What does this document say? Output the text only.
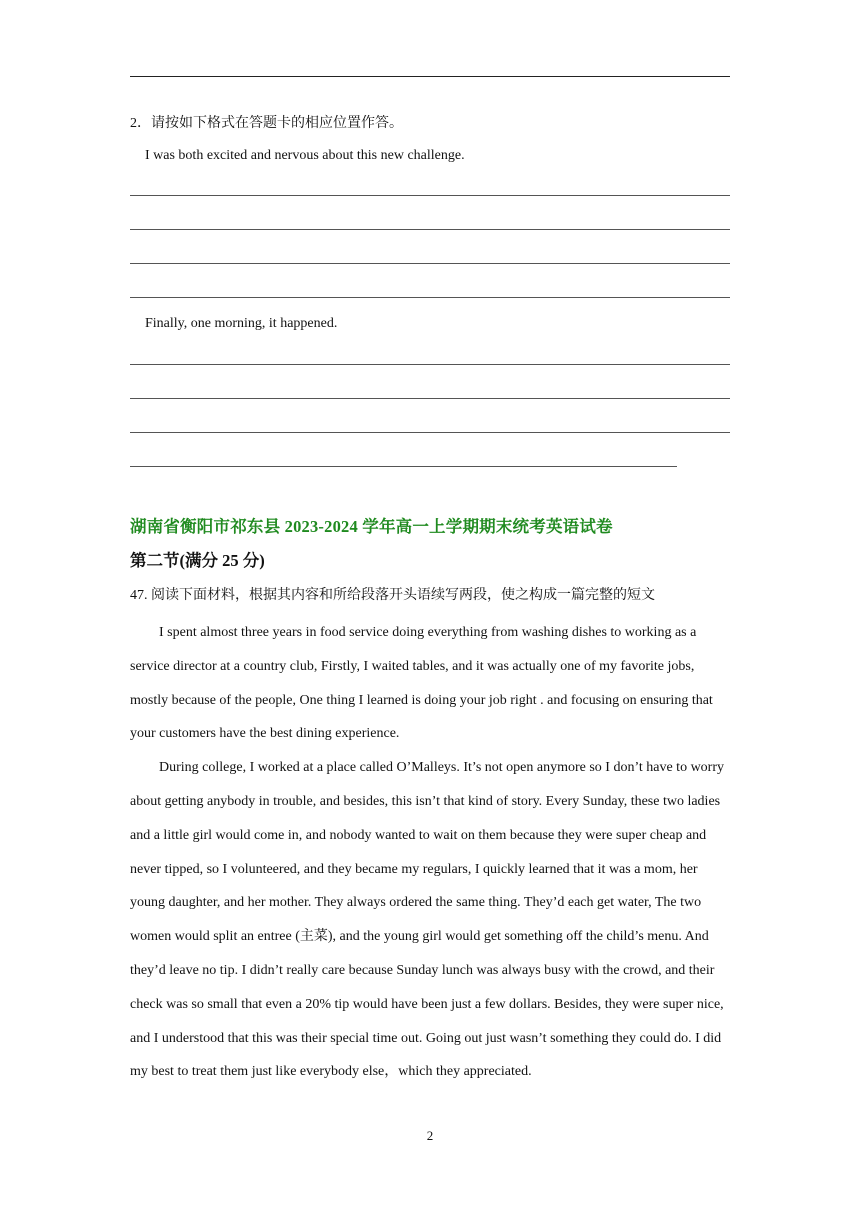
2．请按如下格式在答题卡的相应位置作答。
I was both excited and nervous about this new challenge.
Finally, one morning, it happened.
湖南省衡阳市祁东县 2023-2024 学年高一上学期期末统考英语试卷
第二节(满分 25 分)
47. 阅读下面材料，根据其内容和所给段落开头语续写两段，使之构成一篇完整的短文

I spent almost three years in food service doing everything from washing dishes to working as a service director at a country club, Firstly, I waited tables, and it was actually one of my favorite jobs, mostly because of the people, One thing I learned is doing your job right . and focusing on ensuring that your customers have the best dining experience.

During college, I worked at a place called O’Malleys. It’s not open anymore so I don’t have to worry about getting anybody in trouble, and besides, this isn’t that kind of story. Every Sunday, these two ladies and a little girl would come in, and nobody wanted to wait on them because they were super cheap and never tipped, so I volunteered, and they became my regulars, I quickly learned that it was a mom, her young daughter, and her mother. They always ordered the same thing. They’d each get water, The two women would split an entree (主菜), and the young girl would get something off the child’s menu. And they’d leave no tip. I didn’t really care because Sunday lunch was always busy with the crowd, and their check was so small that even a 20% tip would have been just a few dollars. Besides, they were super nice, and I understood that this was their special time out. Going out just wasn’t something they could do. I did my best to treat them just like everybody else，which they appreciated.

2
